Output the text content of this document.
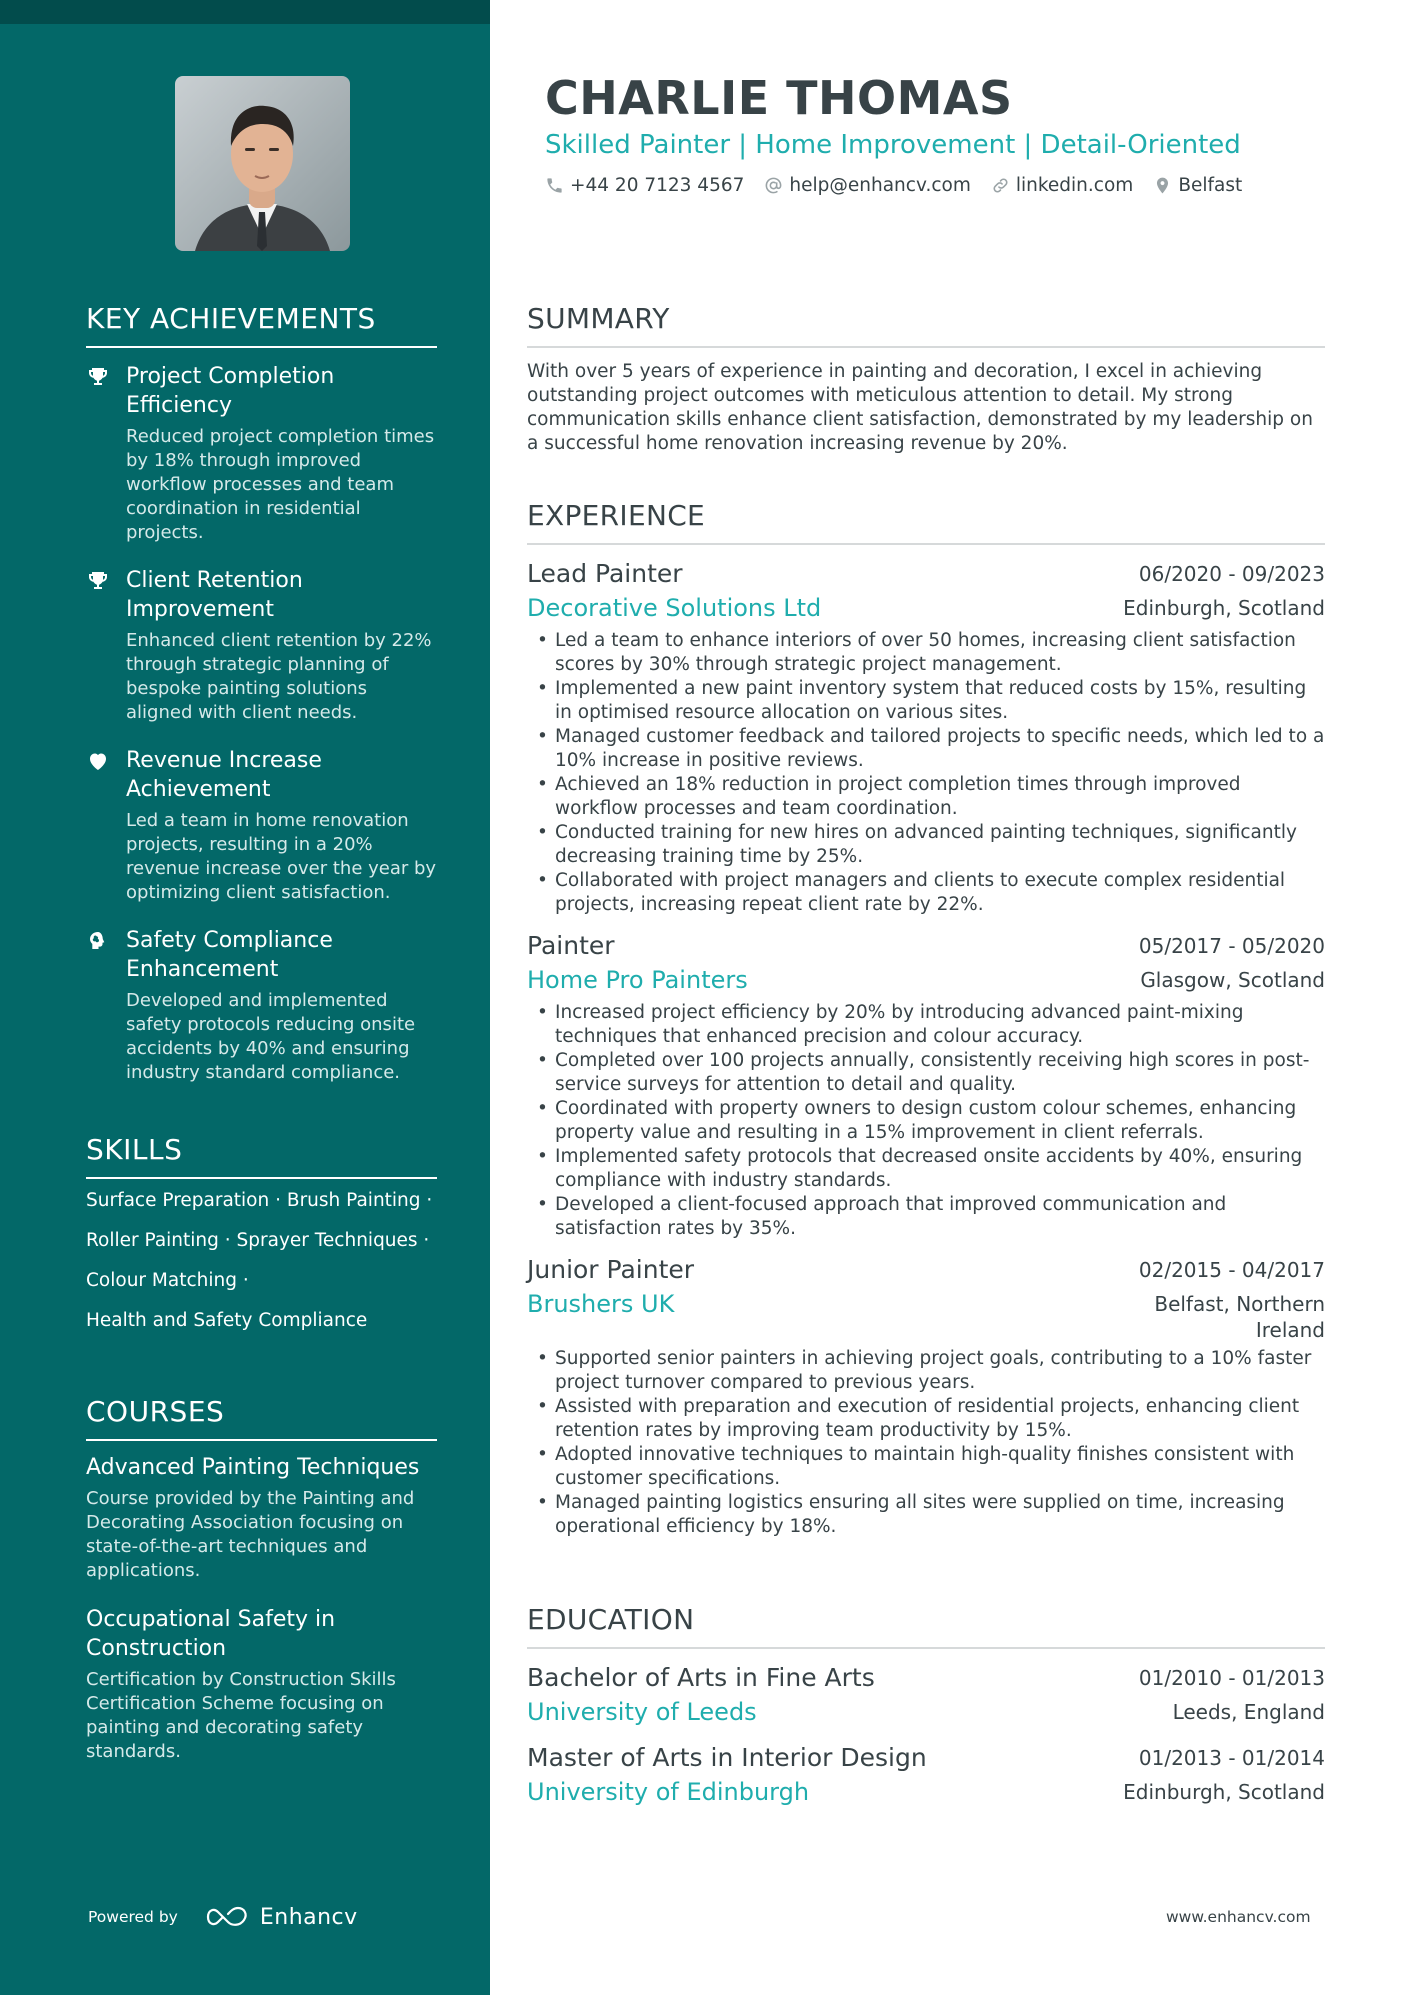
KEY ACHIEVEMENTS
Project Completion Efficiency
Reduced project completion times by 18% through improved workflow processes and team coordination in residential projects.
Client Retention Improvement
Enhanced client retention by 22% through strategic planning of bespoke painting solutions aligned with client needs.
Revenue Increase Achievement
Led a team in home renovation projects, resulting in a 20% revenue increase over the year by optimizing client satisfaction.
Safety Compliance Enhancement
Developed and implemented safety protocols reducing onsite accidents by 40% and ensuring industry standard compliance.
SKILLS
Surface Preparation · Brush Painting ·
Roller Painting · Sprayer Techniques ·
Colour Matching ·
Health and Safety Compliance
COURSES
Advanced Painting Techniques
Course provided by the Painting and Decorating Association focusing on state-of-the-art techniques and applications.
Occupational Safety in Construction
Certification by Construction Skills Certification Scheme focusing on painting and decorating safety standards.
Powered by	Enhancv
CHARLIE THOMAS
Skilled Painter | Home Improvement | Detail-Oriented
+44 20 7123 4567 help@enhancv.com linkedin.com Belfast
SUMMARY

With over 5 years of experience in painting and decoration, I excel in achieving outstanding project outcomes with meticulous attention to detail. My strong communication skills enhance client satisfaction, demonstrated by my leadership on a successful home renovation increasing revenue by 20%.

EXPERIENCE
Lead Painter	06/2020 - 09/2023
Decorative Solutions Ltd	Edinburgh, Scotland
• Led a team to enhance interiors of over 50 homes, increasing client satisfaction scores by 30% through strategic project management.
• Implemented a new paint inventory system that reduced costs by 15%, resulting in optimised resource allocation on various sites.
• Managed customer feedback and tailored projects to specific needs, which led to a 10% increase in positive reviews.
• Achieved an 18% reduction in project completion times through improved workflow processes and team coordination.
• Conducted training for new hires on advanced painting techniques, significantly decreasing training time by 25%.
• Collaborated with project managers and clients to execute complex residential projects, increasing repeat client rate by 22%.
Painter	05/2017 - 05/2020
Home Pro Painters	Glasgow, Scotland
• Increased project efficiency by 20% by introducing advanced paint-mixing techniques that enhanced precision and colour accuracy.
• Completed over 100 projects annually, consistently receiving high scores in post-service surveys for attention to detail and quality.
• Coordinated with property owners to design custom colour schemes, enhancing property value and resulting in a 15% improvement in client referrals.
• Implemented safety protocols that decreased onsite accidents by 40%, ensuring compliance with industry standards.
• Developed a client-focused approach that improved communication and satisfaction rates by 35%.
Junior Painter	02/2015 - 04/2017
Brushers UK	Belfast, Northern Ireland
• Supported senior painters in achieving project goals, contributing to a 10% faster project turnover compared to previous years.
• Assisted with preparation and execution of residential projects, enhancing client retention rates by improving team productivity by 15%.
• Adopted innovative techniques to maintain high-quality finishes consistent with customer specifications.
• Managed painting logistics ensuring all sites were supplied on time, increasing operational efficiency by 18%.
EDUCATION
Bachelor of Arts in Fine Arts	01/2010 - 01/2013
University of Leeds	Leeds, England
Master of Arts in Interior Design	01/2013 - 01/2014
University of Edinburgh	Edinburgh, Scotland
www.enhancv.com
